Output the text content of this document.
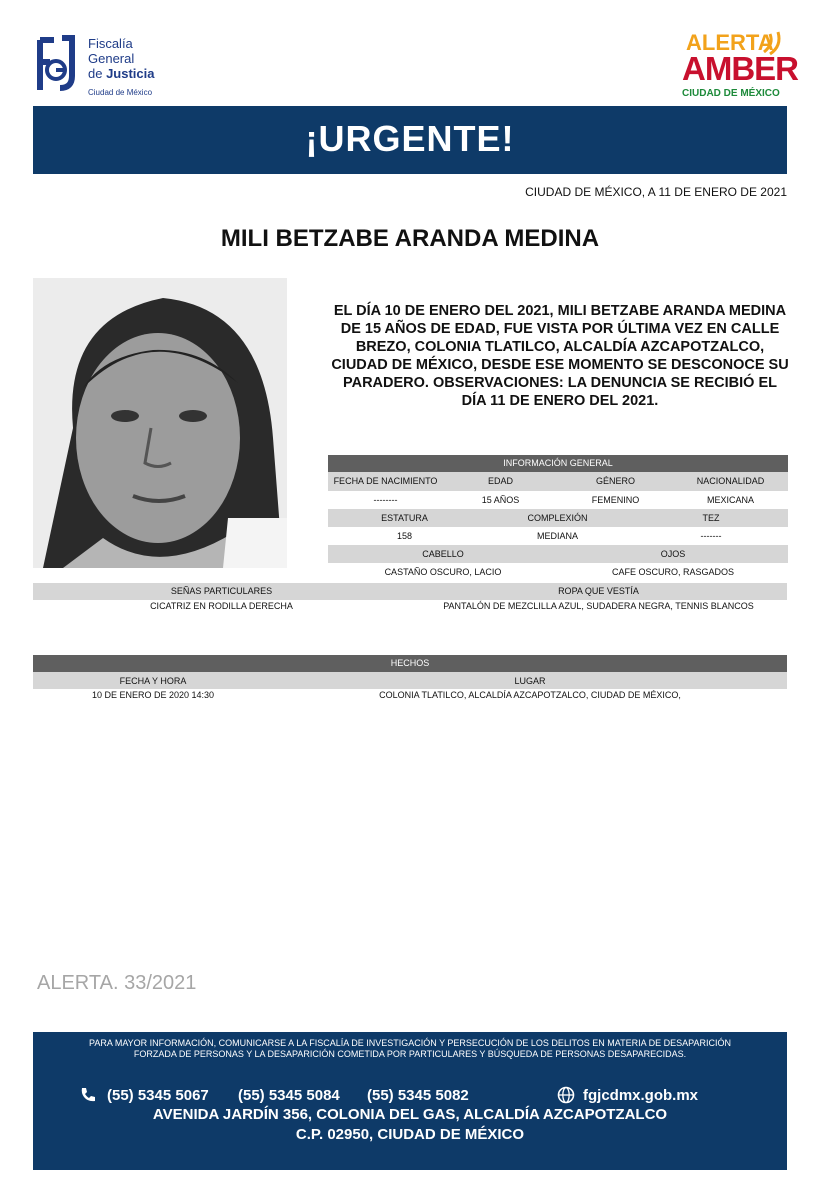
Fiscalía
General
de Justicia
Ciudad de México
ALERTA
AMBER
CIUDAD DE MÉXICO
¡URGENTE!
CIUDAD DE MÉXICO, A 11 DE ENERO DE 2021
MILI BETZABE ARANDA MEDINA
EL DÍA 10 DE ENERO DEL 2021, MILI BETZABE ARANDA MEDINA DE 15 AÑOS DE EDAD, FUE VISTA POR ÚLTIMA VEZ EN CALLE BREZO, COLONIA TLATILCO, ALCALDÍA AZCAPOTZALCO, CIUDAD DE MÉXICO, DESDE ESE MOMENTO SE DESCONOCE SU PARADERO. OBSERVACIONES: LA DENUNCIA SE RECIBIÓ EL DÍA 11 DE ENERO DEL 2021.
INFORMACIÓN GENERAL
FECHA DE NACIMIENTO	EDAD	GÉNERO	NACIONALIDAD
--------	15 AÑOS	FEMENINO	MEXICANA
ESTATURA	COMPLEXIÓN	TEZ
158	MEDIANA	-------
CABELLO	OJOS
CASTAÑO OSCURO, LACIO	CAFE OSCURO, RASGADOS
SEÑAS PARTICULARES	ROPA QUE VESTÍA
CICATRIZ EN RODILLA DERECHA	PANTALÓN DE MEZCLILLA AZUL, SUDADERA NEGRA, TENNIS BLANCOS
HECHOS
FECHA Y HORA	LUGAR
10 DE ENERO DE 2020 14:30	COLONIA TLATILCO, ALCALDÍA AZCAPOTZALCO, CIUDAD DE MÉXICO,
ALERTA. 33/2021
PARA MAYOR INFORMACIÓN, COMUNICARSE A LA FISCALÍA DE INVESTIGACIÓN Y PERSECUCIÓN DE LOS DELITOS EN MATERIA DE DESAPARICIÓN
FORZADA DE PERSONAS Y LA DESAPARICIÓN COMETIDA POR PARTICULARES Y BÚSQUEDA DE PERSONAS DESAPARECIDAS.
(55) 5345 5067 (55) 5345 5084 (55) 5345 5082	fgjcdmx.gob.mx
AVENIDA JARDÍN 356, COLONIA DEL GAS, ALCALDÍA AZCAPOTZALCO
C.P. 02950, CIUDAD DE MÉXICO
